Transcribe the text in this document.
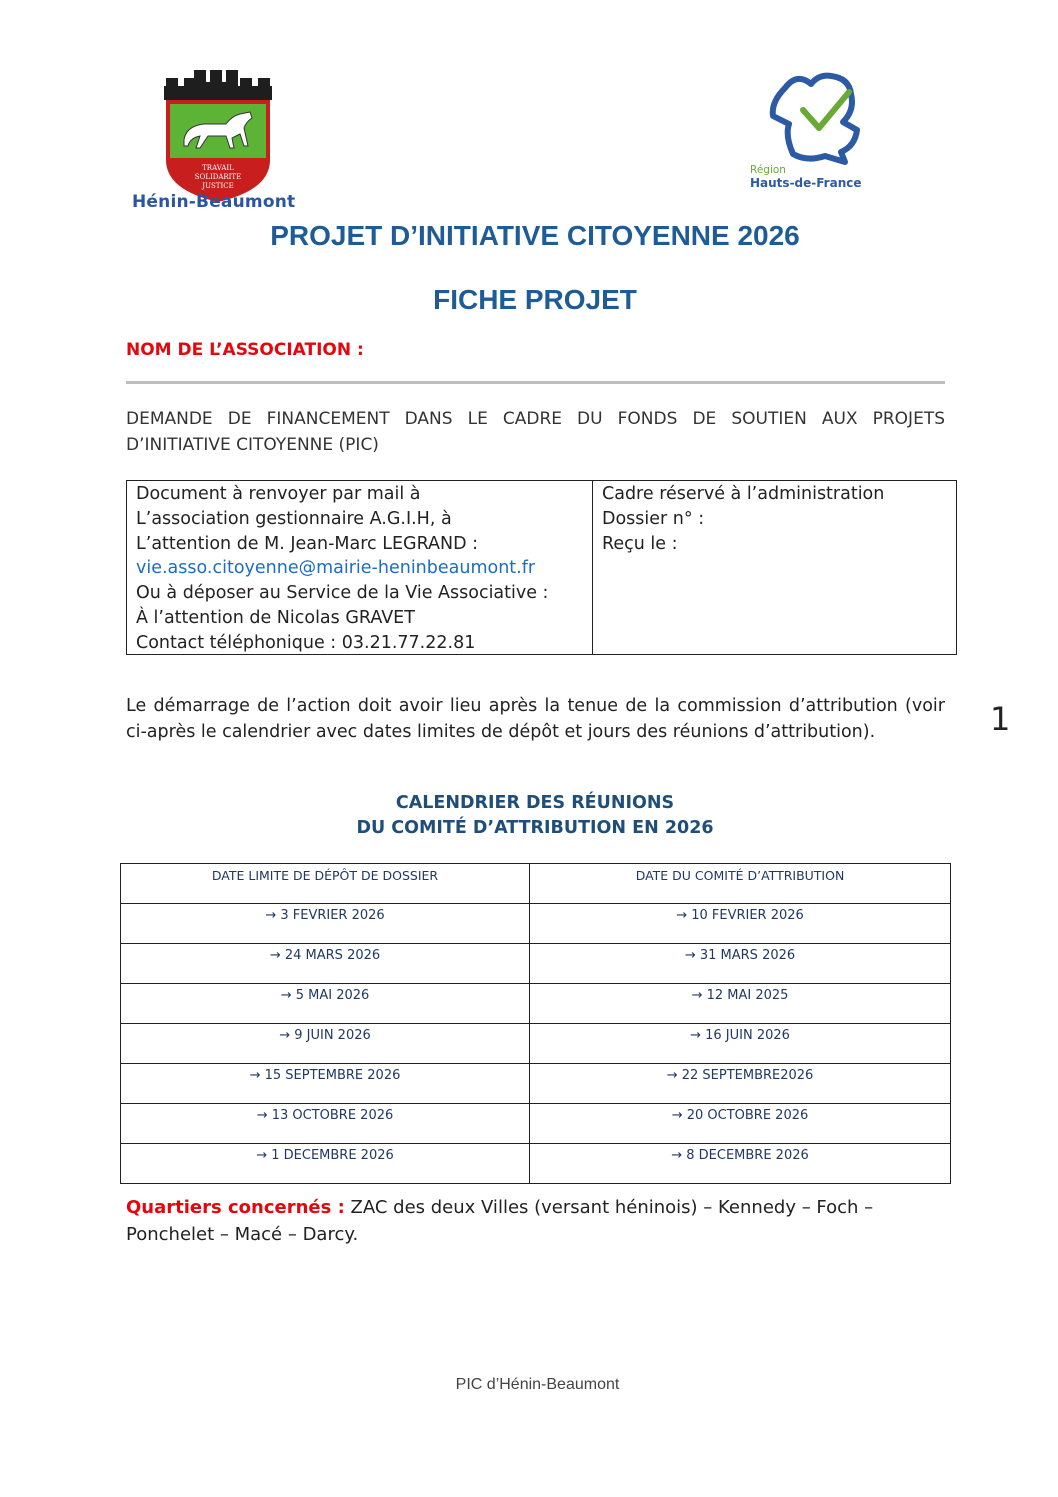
TRAVAIL
SOLIDARITE
JUSTICE
Hénin-Beaumont
Région
Hauts-de-France
PROJET D’INITIATIVE CITOYENNE 2026
FICHE PROJET
NOM DE L’ASSOCIATION :
DEMANDE DE FINANCEMENT DANS LE CADRE DU FONDS DE SOUTIEN AUX PROJETS D’INITIATIVE CITOYENNE (PIC)
Document à renvoyer par mail à
L’association gestionnaire A.G.I.H, à
L’attention de M. Jean-Marc LEGRAND :
vie.asso.citoyenne@mairie-heninbeaumont.fr
Ou à déposer au Service de la Vie Associative :
À l’attention de Nicolas GRAVET
Contact téléphonique : 03.21.77.22.81
Cadre réservé à l’administration
Dossier n° :
Reçu le :
Le démarrage de l’action doit avoir lieu après la tenue de la commission d’attribution (voir ci-après le calendrier avec dates limites de dépôt et jours des réunions d’attribution).	1
CALENDRIER DES RÉUNIONS
DU COMITÉ D’ATTRIBUTION EN 2026
DATE LIMITE DE DÉPÔT DE DOSSIER	DATE DU COMITÉ D’ATTRIBUTION
→ 3 FEVRIER 2026	→ 10 FEVRIER 2026
→ 24 MARS 2026	→ 31 MARS 2026
→ 5 MAI 2026	→ 12 MAI 2025
→ 9 JUIN 2026	→ 16 JUIN 2026
→ 15 SEPTEMBRE 2026	→ 22 SEPTEMBRE2026
→ 13 OCTOBRE 2026	→ 20 OCTOBRE 2026
→ 1 DECEMBRE 2026	→ 8 DECEMBRE 2026
Quartiers concernés : ZAC des deux Villes (versant héninois) – Kennedy – Foch – Ponchelet – Macé – Darcy.
PIC d’Hénin-Beaumont
